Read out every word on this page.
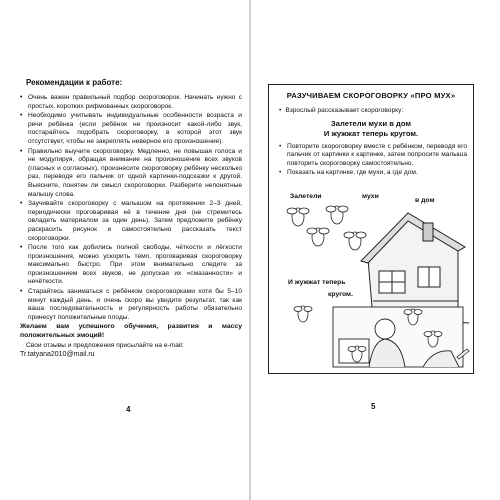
Рекомендации к работе:
• Очень важен правильный подбор скороговорок. Начинать нужно с простых, коротких рифмованных скороговорок.
• Необходимо учитывать индивидуальные особенности возраста и речи ребёнка (если ребёнок не произносит какой-либо звук, постарайтесь подобрать скороговорку, в которой этот звук отсутствует, чтобы не закреплять неверное его произношение).
• Правильно выучите скороговорку. Медленно, не повышая голоса и не модулируя, обращая внимание на произношение всех звуков (гласных и согласных), произнесите скороговорку ребёнку несколько раз, переводя его пальчик от одной картинки-подсказки к другой. Выясните, понятен ли смысл скороговорки. Разберите непонятные малышу слова.
• Заучивайте скороговорку с малышом на протяжении 2–3 дней, периодически проговаривая её в течение дня (не стремитесь овладеть материалом за один день). Затем предложите ребёнку раскрасить рисунок и самостоятельно рассказать текст скороговорки.
• После того как добились полной свободы, чёткости и лёгкости произношения, можно ускорить темп, проговаривая скороговорку максимально быстро. При этом внимательно следите за произношением всех звуков, не допуская их «смазанности» и нечёткости.
• Старайтесь заниматься с ребёнком скороговорками хотя бы 5–10 минут каждый день, и очень скоро вы увидите результат, так как ваша последовательность и регулярность работы обязательно принесут положительные плоды.
Желаем вам успешного обучения, развития и массу положительных эмоций!
Свои отзывы и предложения присылайте на e-mail:
Tr.tatyana2010@mail.ru
4
РАЗУЧИВАЕМ СКОРОГОВОРКУ «ПРО МУХ»
• Взрослый рассказывает скороговорку:
Залетели мухи в дом
И жужжат теперь кругом.
• Повторите скороговорку вместе с ребёнком, переводя его пальчик от картинки к картинке, затем попросите малыша повторить скороговорку самостоятельно.
• Показать на картинке, где мухи, а где дом.
Залетели	мухи
в дом
И жужжат теперь
кругом.
5
